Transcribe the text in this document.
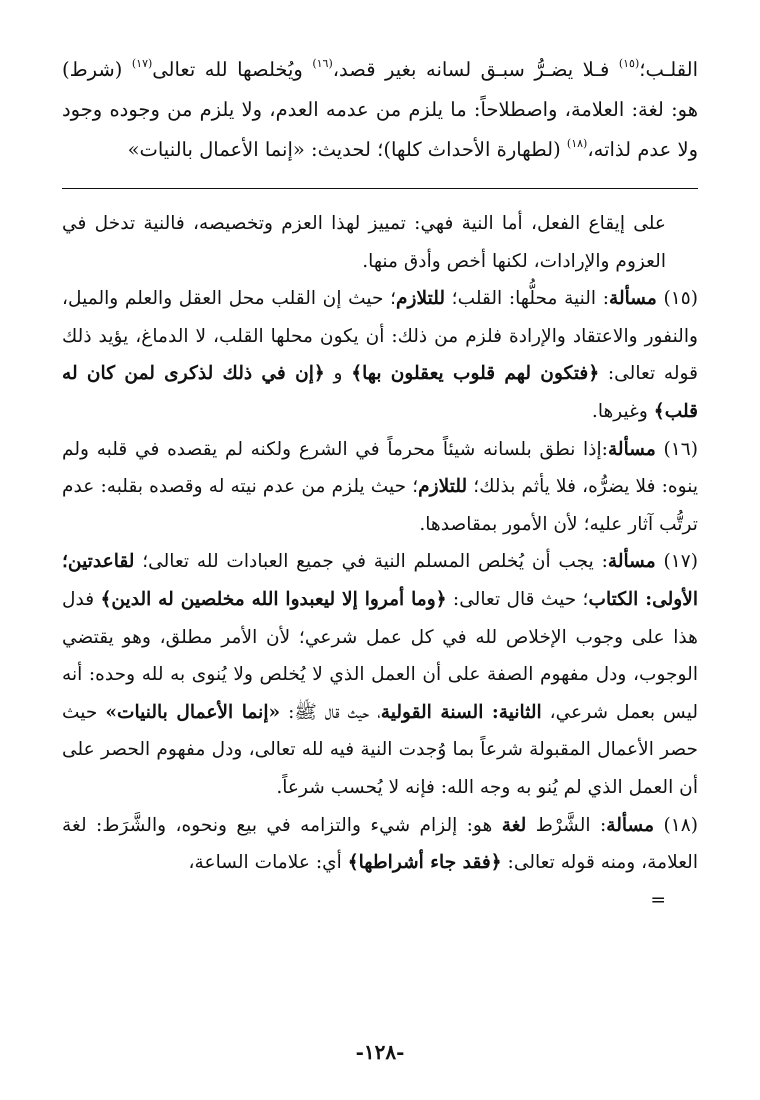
القلـب؛$^{(١٥)}$ فـلا يضـرُّ سبـق لسانه بغير قصد،$^{(١٦)}$ ويُخلصها لله تعالى$^{(١٧)}$ (شرط) هو: لغة: العلامة، واصطلاحاً: ما يلزم من عدمه العدم، ولا يلزم من وجوده وجود ولا عدم لذاته،$^{(١٨)}$ (لطهارة الأحداث كلها)؛ لحديث: «إنما الأعمال بالنيات»

على إيقاع الفعل، أما النية فهي: تمييز لهذا العزم وتخصيصه، فالنية تدخل في العزوم والإرادات، لكنها أخص وأدق منها.

(١٥) مسألة: النية محلُّها: القلب؛ للتلازم؛ حيث إن القلب محل العقل والعلم والميل، والنفور والاعتقاد والإرادة فلزم من ذلك: أن يكون محلها القلب، لا الدماغ، يؤيد ذلك قوله تعالى: ﴿فتكون لهم قلوب يعقلون بها﴾ و ﴿إن في ذلك لذكرى لمن كان له قلب﴾ وغيرها.

(١٦) مسألة:إذا نطق بلسانه شيئاً محرماً في الشرع ولكنه لم يقصده في قلبه ولم ينوه: فلا يضرُّه، فلا يأثم بذلك؛ للتلازم؛ حيث يلزم من عدم نيته له وقصده بقلبه: عدم ترتُّب آثار عليه؛ لأن الأمور بمقاصدها.

(١٧) مسألة: يجب أن يُخلص المسلم النية في جميع العبادات لله تعالى؛ لقاعدتين؛ الأولى: الكتاب؛ حيث قال تعالى: ﴿وما أمروا إلا ليعبدوا الله مخلصين له الدين﴾ فدل هذا على وجوب الإخلاص لله في كل عمل شرعي؛ لأن الأمر مطلق، وهو يقتضي الوجوب، ودل مفهوم الصفة على أن العمل الذي لا يُخلص ولا يُنوى به لله وحده: أنه ليس بعمل شرعي، الثانية: السنة القولية، حيث قال ﷺ: «إنما الأعمال بالنيات» حيث حصر الأعمال المقبولة شرعاً بما وُجدت النية فيه لله تعالى، ودل مفهوم الحصر على أن العمل الذي لم يُنو به وجه الله: فإنه لا يُحسب شرعاً.

(١٨) مسألة: الشَّرْط لغة هو: إلزام شيء والتزامه في بيع ونحوه، والشَّرَط: لغة العلامة، ومنه قوله تعالى: ﴿فقد جاء أشراطها﴾ أي: علامات الساعة،

=

-١٢٨-
